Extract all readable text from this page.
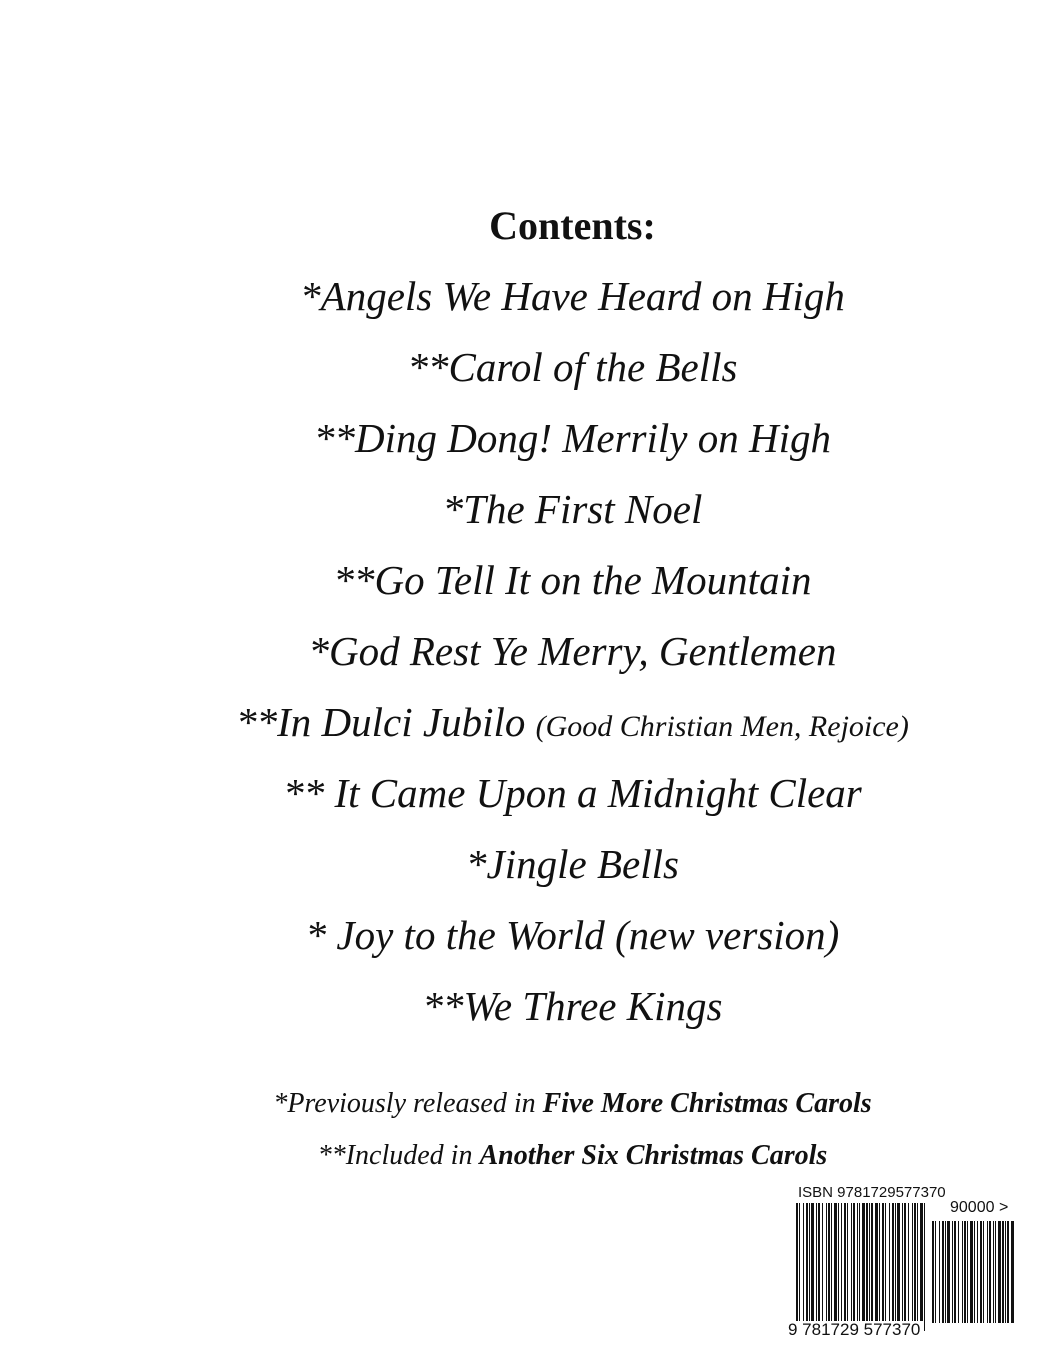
Contents:
*Angels We Have Heard on High
**Carol of the Bells
**Ding Dong! Merrily on High
*The First Noel
**Go Tell It on the Mountain
*God Rest Ye Merry, Gentlemen
**In Dulci Jubilo (Good Christian Men, Rejoice)
** It Came Upon a Midnight Clear
*Jingle Bells
* Joy to the World (new version)
**We Three Kings
*Previously released in Five More Christmas Carols
**Included in Another Six Christmas Carols
ISBN 9781729577370
90000 >
9 781729 577370
